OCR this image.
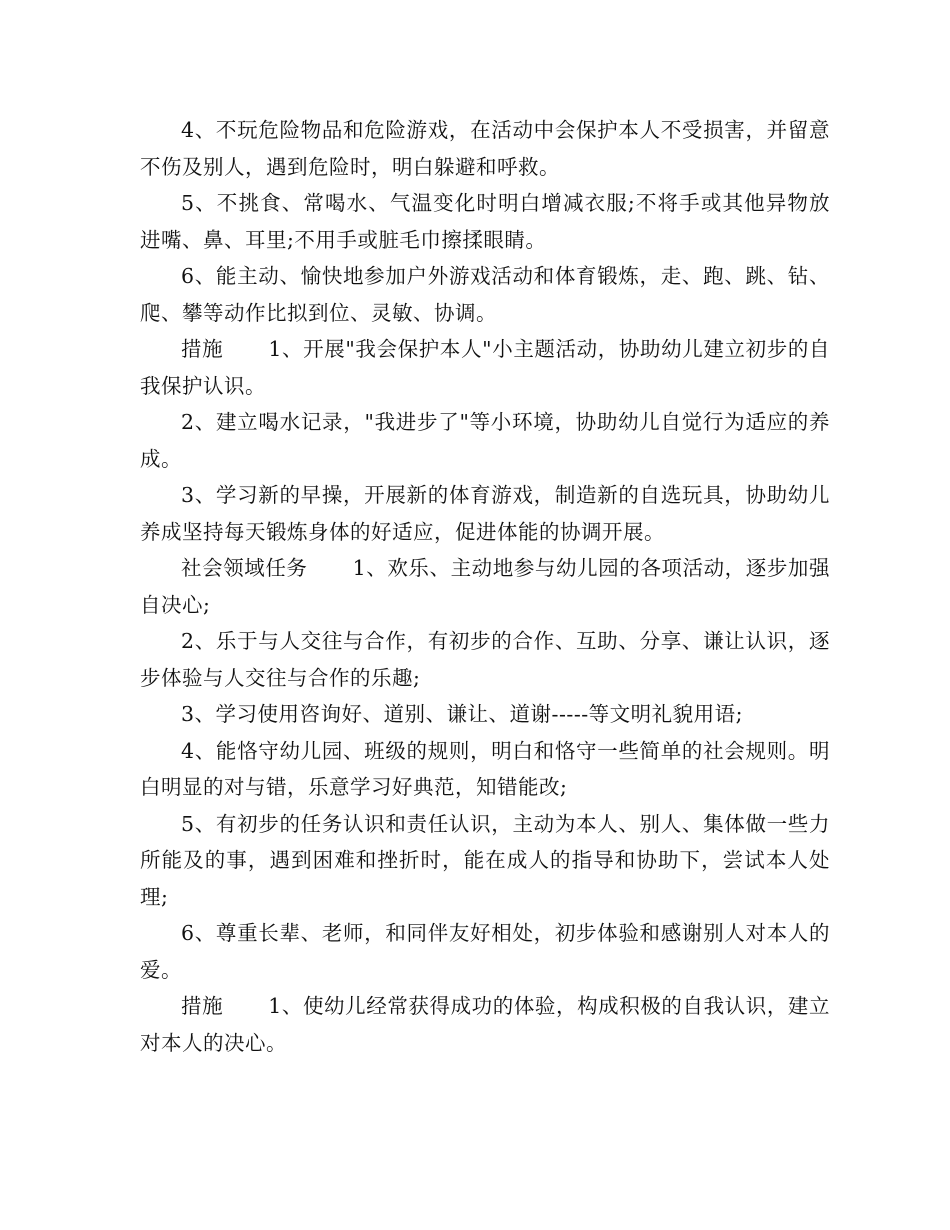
4、不玩危险物品和危险游戏，在活动中会保护本人不受损害，并留意不伤及别人，遇到危险时，明白躲避和呼救。

5、不挑食、常喝水、气温变化时明白增减衣服;不将手或其他异物放进嘴、鼻、耳里;不用手或脏毛巾擦揉眼睛。

6、能主动、愉快地参加户外游戏活动和体育锻炼，走、跑、跳、钻、爬、攀等动作比拟到位、灵敏、协调。

措施 1、开展"我会保护本人"小主题活动，协助幼儿建立初步的自我保护认识。

2、建立喝水记录，"我进步了"等小环境，协助幼儿自觉行为适应的养成。

3、学习新的早操，开展新的体育游戏，制造新的自选玩具，协助幼儿养成坚持每天锻炼身体的好适应，促进体能的协调开展。

社会领域任务 1、欢乐、主动地参与幼儿园的各项活动，逐步加强自决心;

2、乐于与人交往与合作，有初步的合作、互助、分享、谦让认识，逐步体验与人交往与合作的乐趣;

3、学习使用咨询好、道别、谦让、道谢-----等文明礼貌用语;

4、能恪守幼儿园、班级的规则，明白和恪守一些简单的社会规则。明白明显的对与错，乐意学习好典范，知错能改;

5、有初步的任务认识和责任认识，主动为本人、别人、集体做一些力所能及的事，遇到困难和挫折时，能在成人的指导和协助下，尝试本人处理;

6、尊重长辈、老师，和同伴友好相处，初步体验和感谢别人对本人的爱。

措施 1、使幼儿经常获得成功的体验，构成积极的自我认识，建立对本人的决心。
